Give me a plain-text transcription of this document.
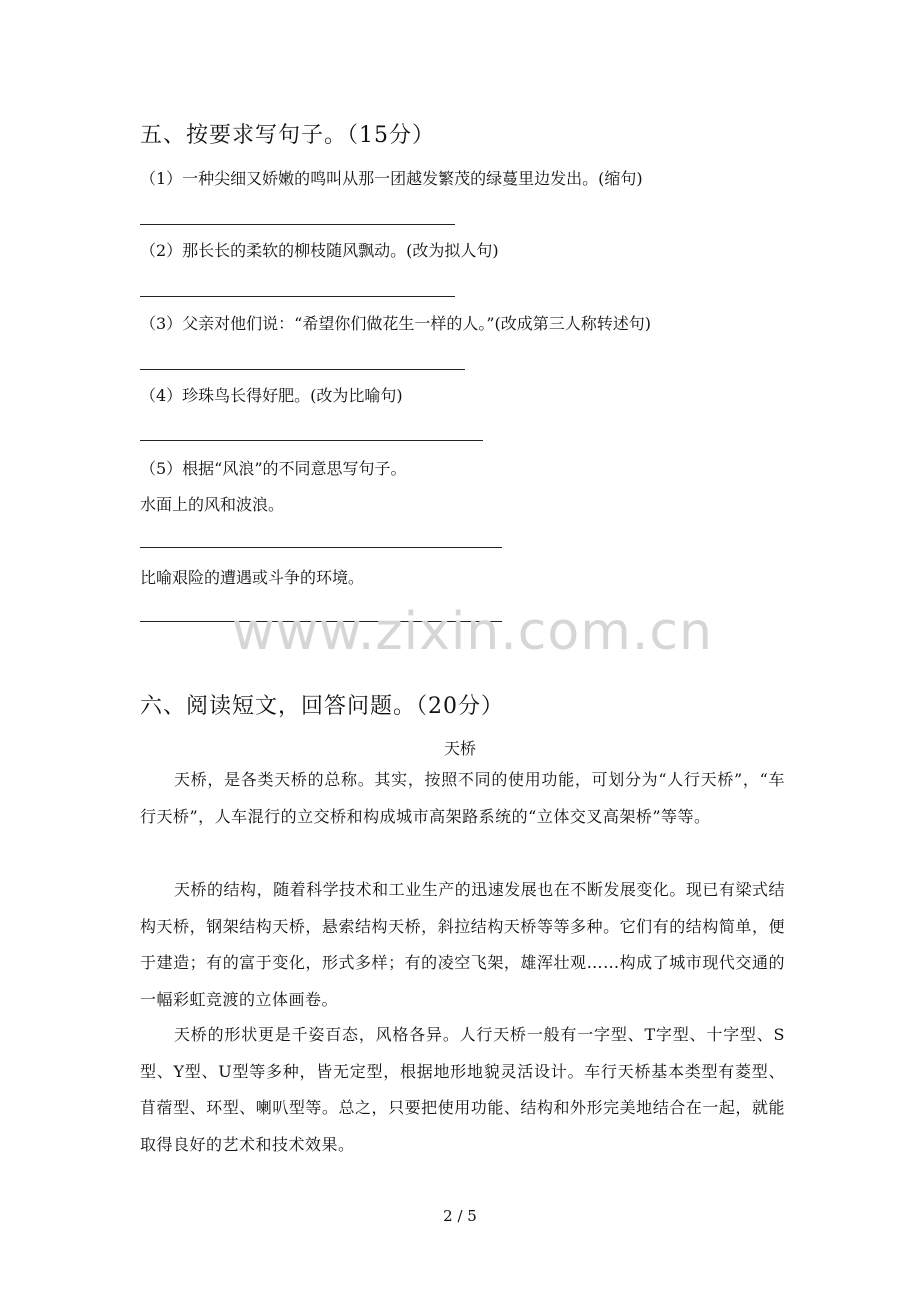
五、按要求写句子。（15分）
（1）一种尖细又娇嫩的鸣叫从那一团越发繁茂的绿蔓里边发出。(缩句)
（2）那长长的柔软的柳枝随风飘动。(改为拟人句)
（3）父亲对他们说：“希望你们做花生一样的人。”(改成第三人称转述句)
（4）珍珠鸟长得好肥。(改为比喻句)
（5）根据“风浪”的不同意思写句子。
水面上的风和波浪。
比喻艰险的遭遇或斗争的环境。
www.zixin.com.cn
六、阅读短文，回答问题。（20分）
天桥
天桥，是各类天桥的总称。其实，按照不同的使用功能，可划分为“人行天桥”，“车行天桥”，人车混行的立交桥和构成城市高架路系统的“立体交叉高架桥”等等。
天桥的结构，随着科学技术和工业生产的迅速发展也在不断发展变化。现已有梁式结构天桥，钢架结构天桥，悬索结构天桥，斜拉结构天桥等等多种。它们有的结构简单，便于建造；有的富于变化，形式多样；有的凌空飞架，雄浑壮观……构成了城市现代交通的一幅彩虹竞渡的立体画卷。
天桥的形状更是千姿百态，风格各异。人行天桥一般有一字型、T字型、十字型、S型、Y型、U型等多种，皆无定型，根据地形地貌灵活设计。车行天桥基本类型有菱型、苜蓿型、环型、喇叭型等。总之，只要把使用功能、结构和外形完美地结合在一起，就能取得良好的艺术和技术效果。
2 / 5
